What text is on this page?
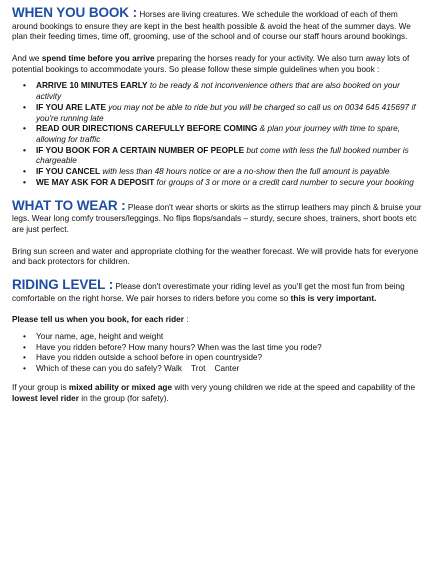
WHEN YOU BOOK : Horses are living creatures. We schedule the workload of each of them around bookings to ensure they are kept in the best health possible & avoid the heat of the summer days. We plan their feeding times, time off, grooming, use of the school and of course our staff hours around bookings.

And we spend time before you arrive preparing the horses ready for your activity. We also turn away lots of potential bookings to accommodate yours. So please follow these simple guidelines when you book :

• ARRIVE 10 MINUTES EARLY to be ready & not inconvenience others that are also booked on your activity
• IF YOU ARE LATE you may not be able to ride but you will be charged so call us on 0034 645 415697 if you're running late
• READ OUR DIRECTIONS CAREFULLY BEFORE COMING & plan your journey with time to spare, allowing for traffic
• IF YOU BOOK FOR A CERTAIN NUMBER OF PEOPLE but come with less the full booked number is chargeable
• IF YOU CANCEL with less than 48 hours notice or are a no-show then the full amount is payable
• WE MAY ASK FOR A DEPOSIT for groups of 3 or more or a credit card number to secure your booking

WHAT TO WEAR : Please don't wear shorts or skirts as the stirrup leathers may pinch & bruise your legs. Wear long comfy trousers/leggings. No flips flops/sandals – sturdy, secure shoes, trainers, short boots etc are just perfect.

Bring sun screen and water and appropriate clothing for the weather forecast. We will provide hats for everyone and back protectors for children.

RIDING LEVEL : Please don't overestimate your riding level as you'll get the most fun from being comfortable on the right horse. We pair horses to riders before you come so this is very important.

Please tell us when you book, for each rider :

• Your name, age, height and weight
• Have you ridden before? How many hours? When was the last time you rode?
• Have you ridden outside a school before in open countryside?
• Which of these can you do safely? Walk    Trot    Canter

If your group is mixed ability or mixed age with very young children we ride at the speed and capability of the lowest level rider in the group (for safety).
